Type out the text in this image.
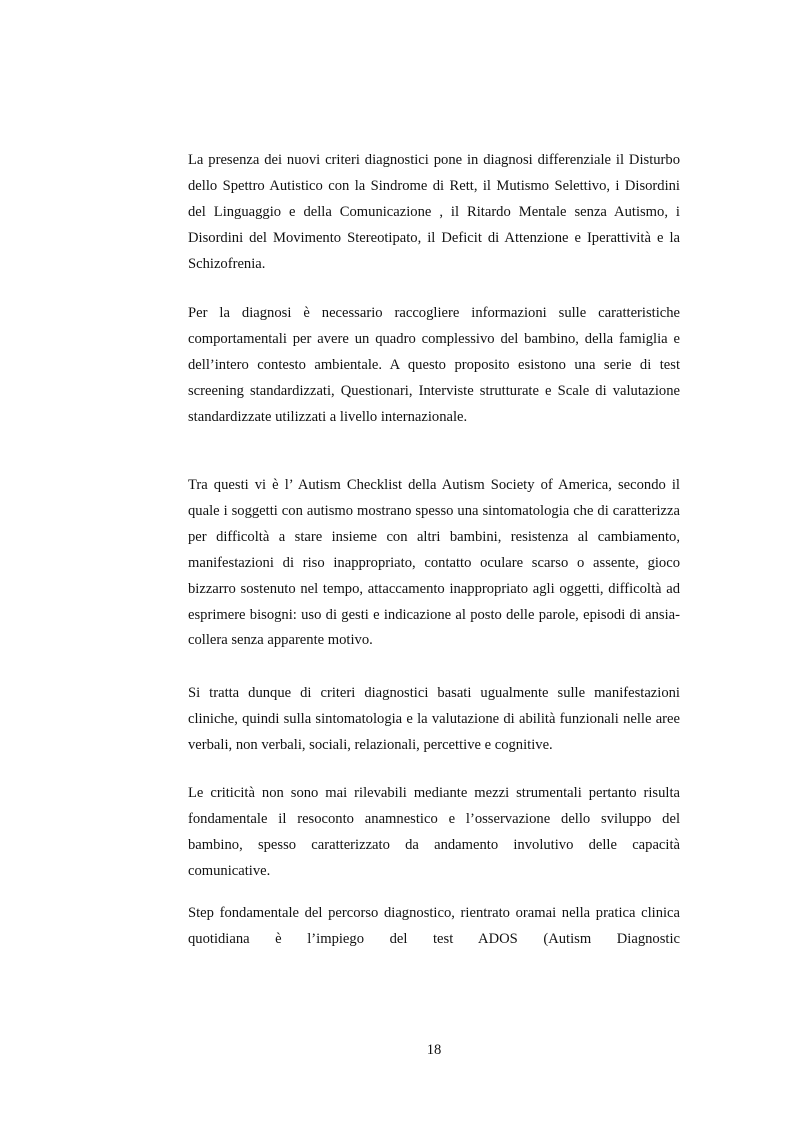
La presenza dei nuovi criteri diagnostici pone in diagnosi differenziale il Disturbo dello Spettro Autistico con la Sindrome di Rett, il Mutismo Selettivo, i Disordini del Linguaggio e della Comunicazione , il Ritardo Mentale senza Autismo, i Disordini del Movimento Stereotipato, il Deficit di Attenzione e Iperattività e la Schizofrenia.

Per la diagnosi è necessario raccogliere informazioni sulle caratteristiche comportamentali per avere un quadro complessivo del bambino, della famiglia e dell’intero contesto ambientale. A questo proposito esistono una serie di test screening standardizzati, Questionari, Interviste strutturate e Scale di valutazione standardizzate utilizzati a livello internazionale.

Tra questi vi è l’ Autism Checklist della Autism Society of America, secondo il quale i soggetti con autismo mostrano spesso una sintomatologia che di caratterizza per difficoltà a stare insieme con altri bambini, resistenza al cambiamento, manifestazioni di riso inappropriato, contatto oculare scarso o assente, gioco bizzarro sostenuto nel tempo, attaccamento inappropriato agli oggetti, difficoltà ad esprimere bisogni: uso di gesti e indicazione al posto delle parole, episodi di ansia-collera senza apparente motivo.

Si tratta dunque di criteri diagnostici basati ugualmente sulle manifestazioni cliniche, quindi sulla sintomatologia e la valutazione di abilità funzionali nelle aree verbali, non verbali, sociali, relazionali, percettive e cognitive.

Le criticità non sono mai rilevabili mediante mezzi strumentali pertanto risulta fondamentale il resoconto anamnestico e l’osservazione dello sviluppo del bambino, spesso caratterizzato da andamento involutivo delle capacità comunicative.

Step fondamentale del percorso diagnostico, rientrato oramai nella pratica clinica quotidiana è l’impiego del test ADOS (Autism Diagnostic

18
